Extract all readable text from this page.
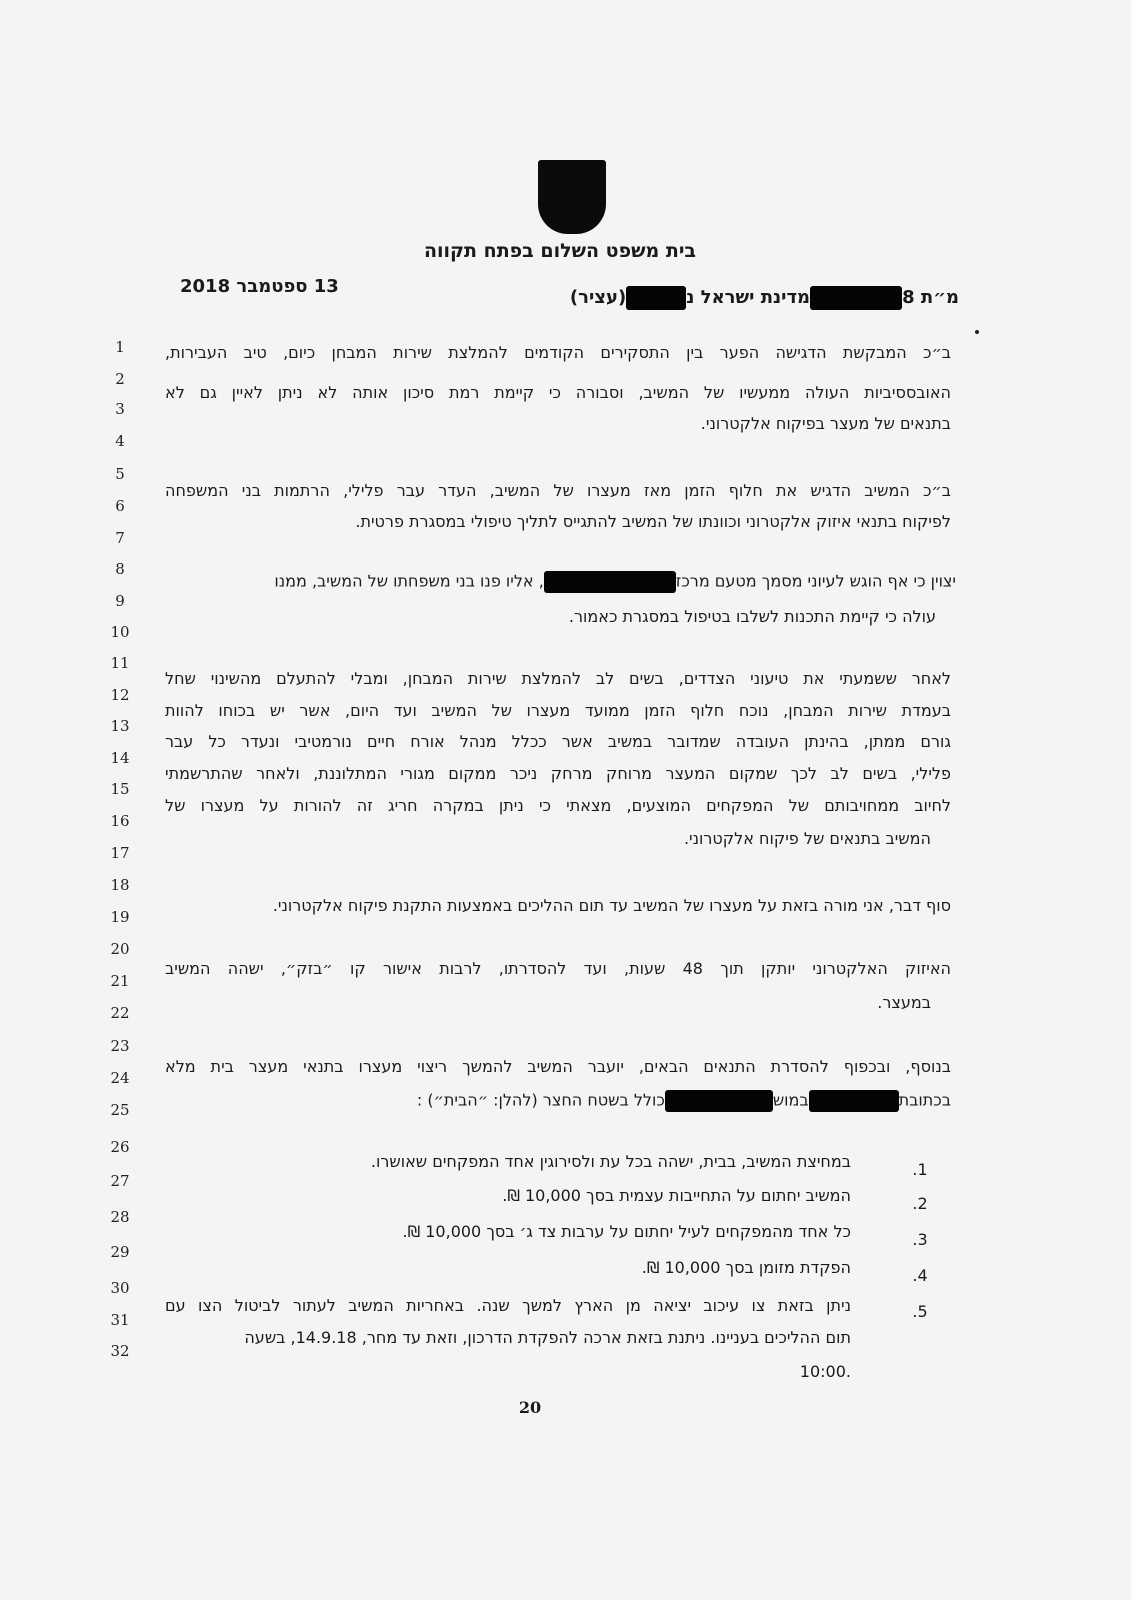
בית משפט השלום בפתח תקווה
מ״ת 8מדינת ישראל נ(עציר)
13 ספטמבר 2018
1
2
3
4
5
6
7
8
9
10
11
12
13
14
15
16
17
18
19
20
21
22
23
24
25
26
27
28
29
30
31
32
ב״כ המבקשת הדגישה הפער בין התסקירים הקודמים להמלצת שירות המבחן כיום, טיב העבירות,
האובססיביות העולה ממעשיו של המשיב, וסבורה כי קיימת רמת סיכון אותה לא ניתן לאיין גם לא
בתנאים של מעצר בפיקוח אלקטרוני.
ב״כ המשיב הדגיש את חלוף הזמן מאז מעצרו של המשיב, העדר עבר פלילי, הרתמות בני המשפחה
לפיקוח בתנאי איזוק אלקטרוני וכוונתו של המשיב להתגייס לתליך טיפולי במסגרת פרטית.
יצוין כי אף הוגש לעיוני מסמך מטעם מרכז, אליו פנו בני משפחתו של המשיב, ממנו
עולה כי קיימת התכנות לשלבו בטיפול במסגרת כאמור.
לאחר ששמעתי את טיעוני הצדדים, בשים לב להמלצת שירות המבחן, ומבלי להתעלם מהשינוי שחל
בעמדת שירות המבחן, נוכח חלוף הזמן ממועד מעצרו של המשיב ועד היום, אשר יש בכוחו להוות
גורם ממתן, בהינתן העובדה שמדובר במשיב אשר ככלל מנהל אורח חיים נורמטיבי ונעדר כל עבר
פלילי, בשים לב לכך שמקום המעצר מרוחק מרחק ניכר ממקום מגורי המתלוננת, ולאחר שהתרשמתי
לחיוב ממחויבותם של המפקחים המוצעים, מצאתי כי ניתן במקרה חריג זה להורות על מעצרו של
המשיב בתנאים של פיקוח אלקטרוני.
סוף דבר, אני מורה בזאת על מעצרו של המשיב עד תום ההליכים באמצעות התקנת פיקוח אלקטרוני.
האיזוק האלקטרוני יותקן תוך 48 שעות, ועד להסדרתו, לרבות אישור קו ״בזק״, ישהה המשיב
במעצר.
בנוסף, ובכפוף להסדרת התנאים הבאים, יועבר המשיב להמשך ריצוי מעצרו בתנאי מעצר בית מלא
בכתובתבמושכולל בשטח החצר (להלן: ״הבית״) :
.1
במחיצת המשיב, בבית, ישהה בכל עת ולסירוגין אחד המפקחים שאושרו.
.2
המשיב יחתום על התחייבות עצמית בסך 10,000 ₪.
.3
כל אחד מהמפקחים לעיל יחתום על ערבות צד ג׳ בסך 10,000 ₪.
.4
הפקדת מזומן בסך 10,000 ₪.
.5
ניתן בזאת צו עיכוב יציאה מן הארץ למשך שנה. באחריות המשיב לעתור לביטול הצו עם
תום ההליכים בעניינו. ניתנת בזאת ארכה להפקדת הדרכון, וזאת עד מחר, 14.9.18, בשעה
.10:00
20
